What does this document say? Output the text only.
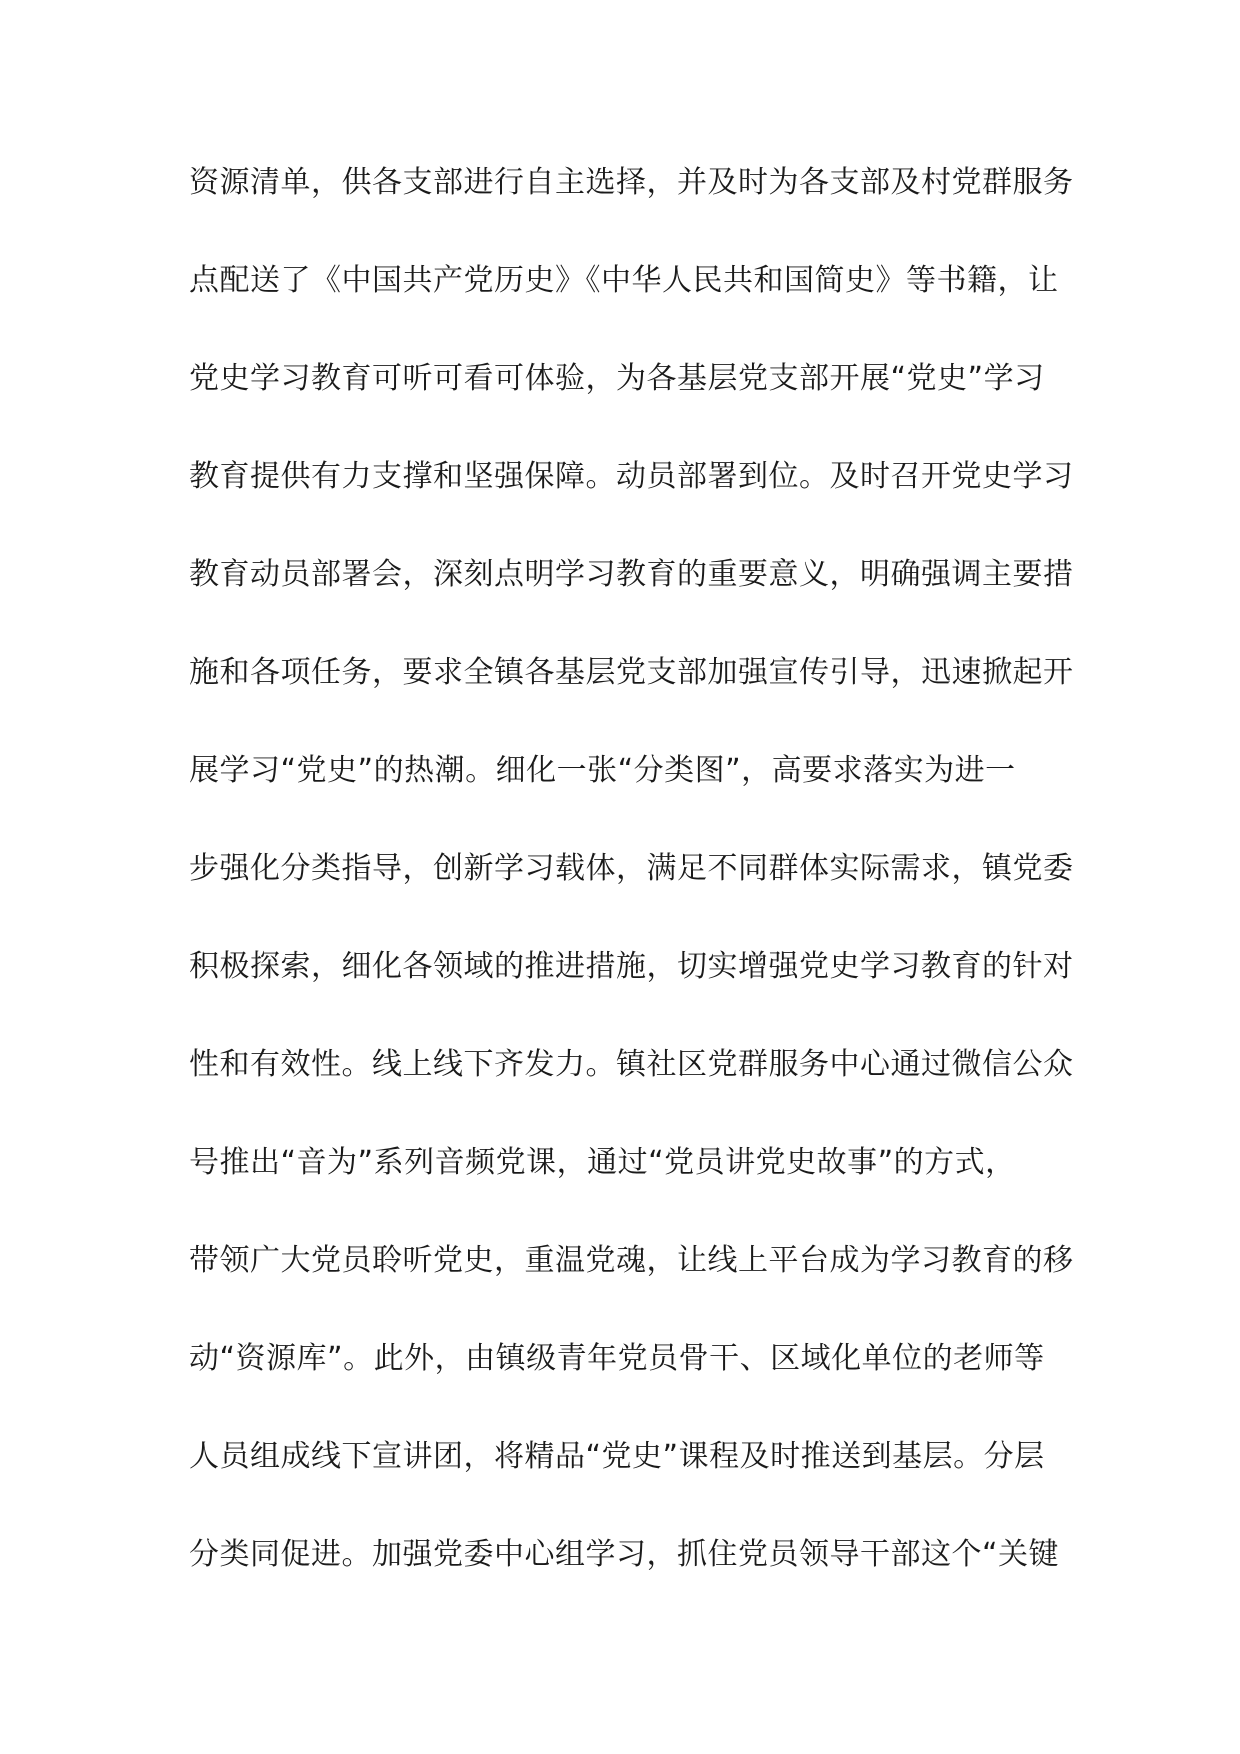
资源清单，供各支部进行自主选择，并及时为各支部及村党群服务
点配送了《中国共产党历史》《中华人民共和国简史》等书籍，让
党史学习教育可听可看可体验，为各基层党支部开展“党史”学习
教育提供有力支撑和坚强保障。动员部署到位。及时召开党史学习
教育动员部署会，深刻点明学习教育的重要意义，明确强调主要措
施和各项任务，要求全镇各基层党支部加强宣传引导，迅速掀起开
展学习“党史”的热潮。细化一张“分类图”，高要求落实为进一
步强化分类指导，创新学习载体，满足不同群体实际需求，镇党委
积极探索，细化各领域的推进措施，切实增强党史学习教育的针对
性和有效性。线上线下齐发力。镇社区党群服务中心通过微信公众
号推出“音为”系列音频党课，通过“党员讲党史故事”的方式，
带领广大党员聆听党史，重温党魂，让线上平台成为学习教育的移
动“资源库”。此外，由镇级青年党员骨干、区域化单位的老师等
人员组成线下宣讲团，将精品“党史”课程及时推送到基层。分层
分类同促进。加强党委中心组学习，抓住党员领导干部这个“关键
